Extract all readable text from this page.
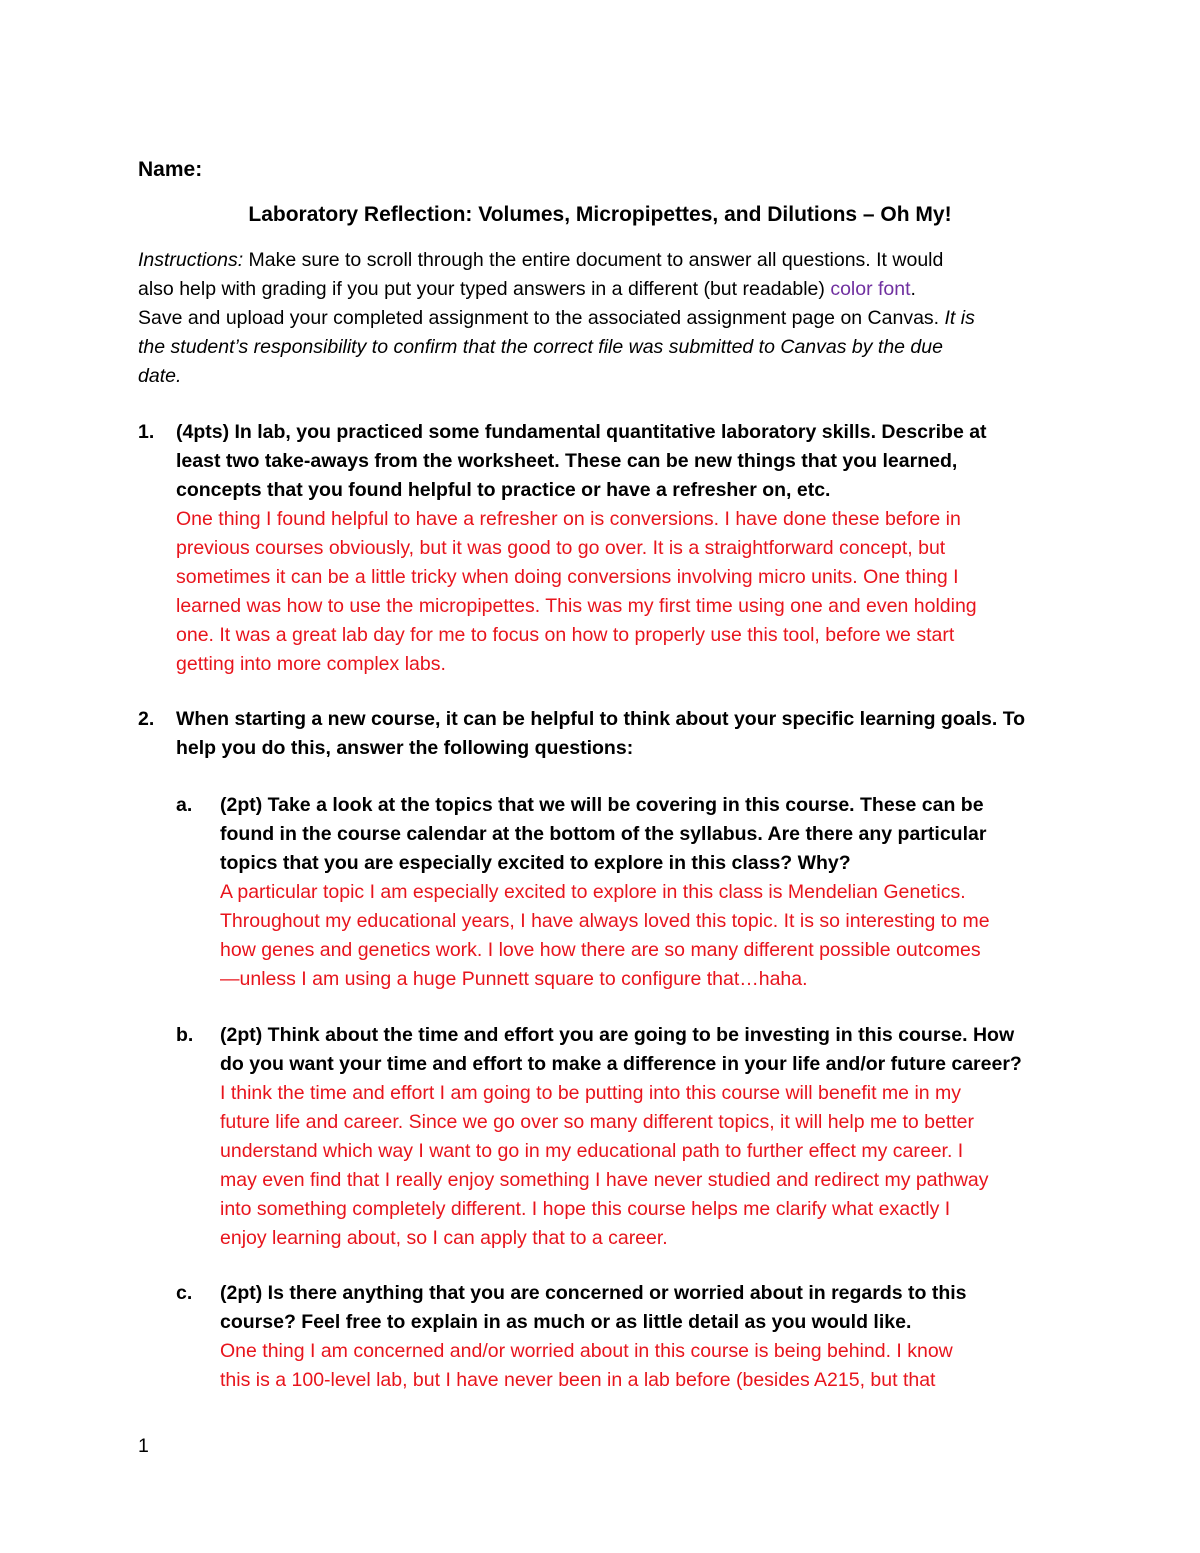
Name:
Laboratory Reflection: Volumes, Micropipettes, and Dilutions – Oh My!
Instructions: Make sure to scroll through the entire document to answer all questions. It would
also help with grading if you put your typed answers in a different (but readable) color font.
Save and upload your completed assignment to the associated assignment page on Canvas. It is
the student’s responsibility to confirm that the correct file was submitted to Canvas by the due
date.
1. (4pts) In lab, you practiced some fundamental quantitative laboratory skills. Describe at
least two take-aways from the worksheet. These can be new things that you learned,
concepts that you found helpful to practice or have a refresher on, etc.
One thing I found helpful to have a refresher on is conversions. I have done these before in
previous courses obviously, but it was good to go over. It is a straightforward concept, but
sometimes it can be a little tricky when doing conversions involving micro units. One thing I
learned was how to use the micropipettes. This was my first time using one and even holding
one. It was a great lab day for me to focus on how to properly use this tool, before we start
getting into more complex labs.
2. When starting a new course, it can be helpful to think about your specific learning goals. To
help you do this, answer the following questions:
a. (2pt) Take a look at the topics that we will be covering in this course. These can be
found in the course calendar at the bottom of the syllabus. Are there any particular
topics that you are especially excited to explore in this class? Why?
A particular topic I am especially excited to explore in this class is Mendelian Genetics.
Throughout my educational years, I have always loved this topic. It is so interesting to me
how genes and genetics work. I love how there are so many different possible outcomes
—unless I am using a huge Punnett square to configure that…haha.
b. (2pt) Think about the time and effort you are going to be investing in this course. How
do you want your time and effort to make a difference in your life and/or future career?
I think the time and effort I am going to be putting into this course will benefit me in my
future life and career. Since we go over so many different topics, it will help me to better
understand which way I want to go in my educational path to further effect my career. I
may even find that I really enjoy something I have never studied and redirect my pathway
into something completely different. I hope this course helps me clarify what exactly I
enjoy learning about, so I can apply that to a career.
c. (2pt) Is there anything that you are concerned or worried about in regards to this
course? Feel free to explain in as much or as little detail as you would like.
One thing I am concerned and/or worried about in this course is being behind. I know
this is a 100-level lab, but I have never been in a lab before (besides A215, but that
1
